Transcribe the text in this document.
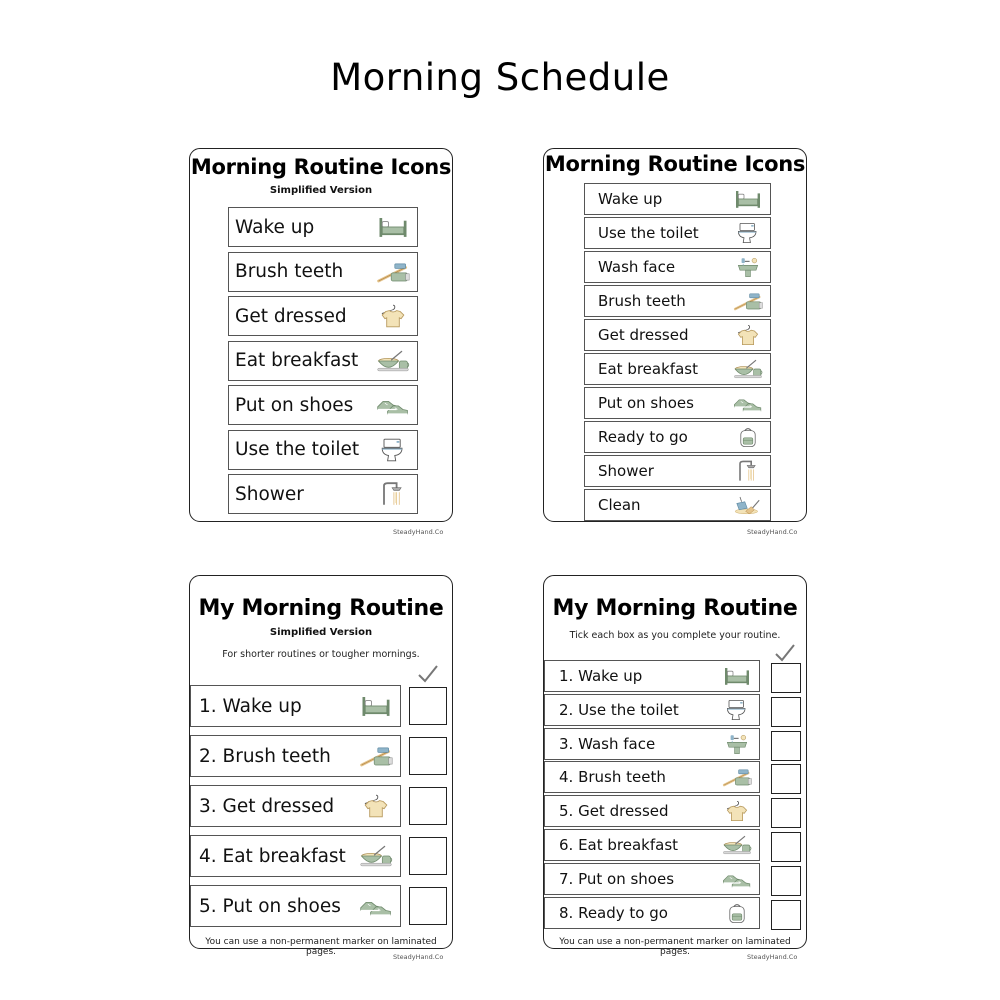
Morning Schedule
Morning Routine Icons
Simplified Version
Wake up
Brush teeth
Get dressed
Eat breakfast
Put on shoes
Use the toilet
Shower
SteadyHand.Co
Morning Routine Icons
Wake up
Use the toilet
Wash face
Brush teeth
Get dressed
Eat breakfast
Put on shoes
Ready to go
Shower
Clean
SteadyHand.Co
My Morning Routine
Simplified Version
For shorter routines or tougher mornings.
1. Wake up
2. Brush teeth
3. Get dressed
4. Eat breakfast
5. Put on shoes
You can use a non-permanent marker on laminated pages.	SteadyHand.Co
My Morning Routine
Tick each box as you complete your routine.
1. Wake up
2. Use the toilet
3. Wash face
4. Brush teeth
5. Get dressed
6. Eat breakfast
7. Put on shoes
8. Ready to go
You can use a non-permanent marker on laminated pages.	SteadyHand.Co
